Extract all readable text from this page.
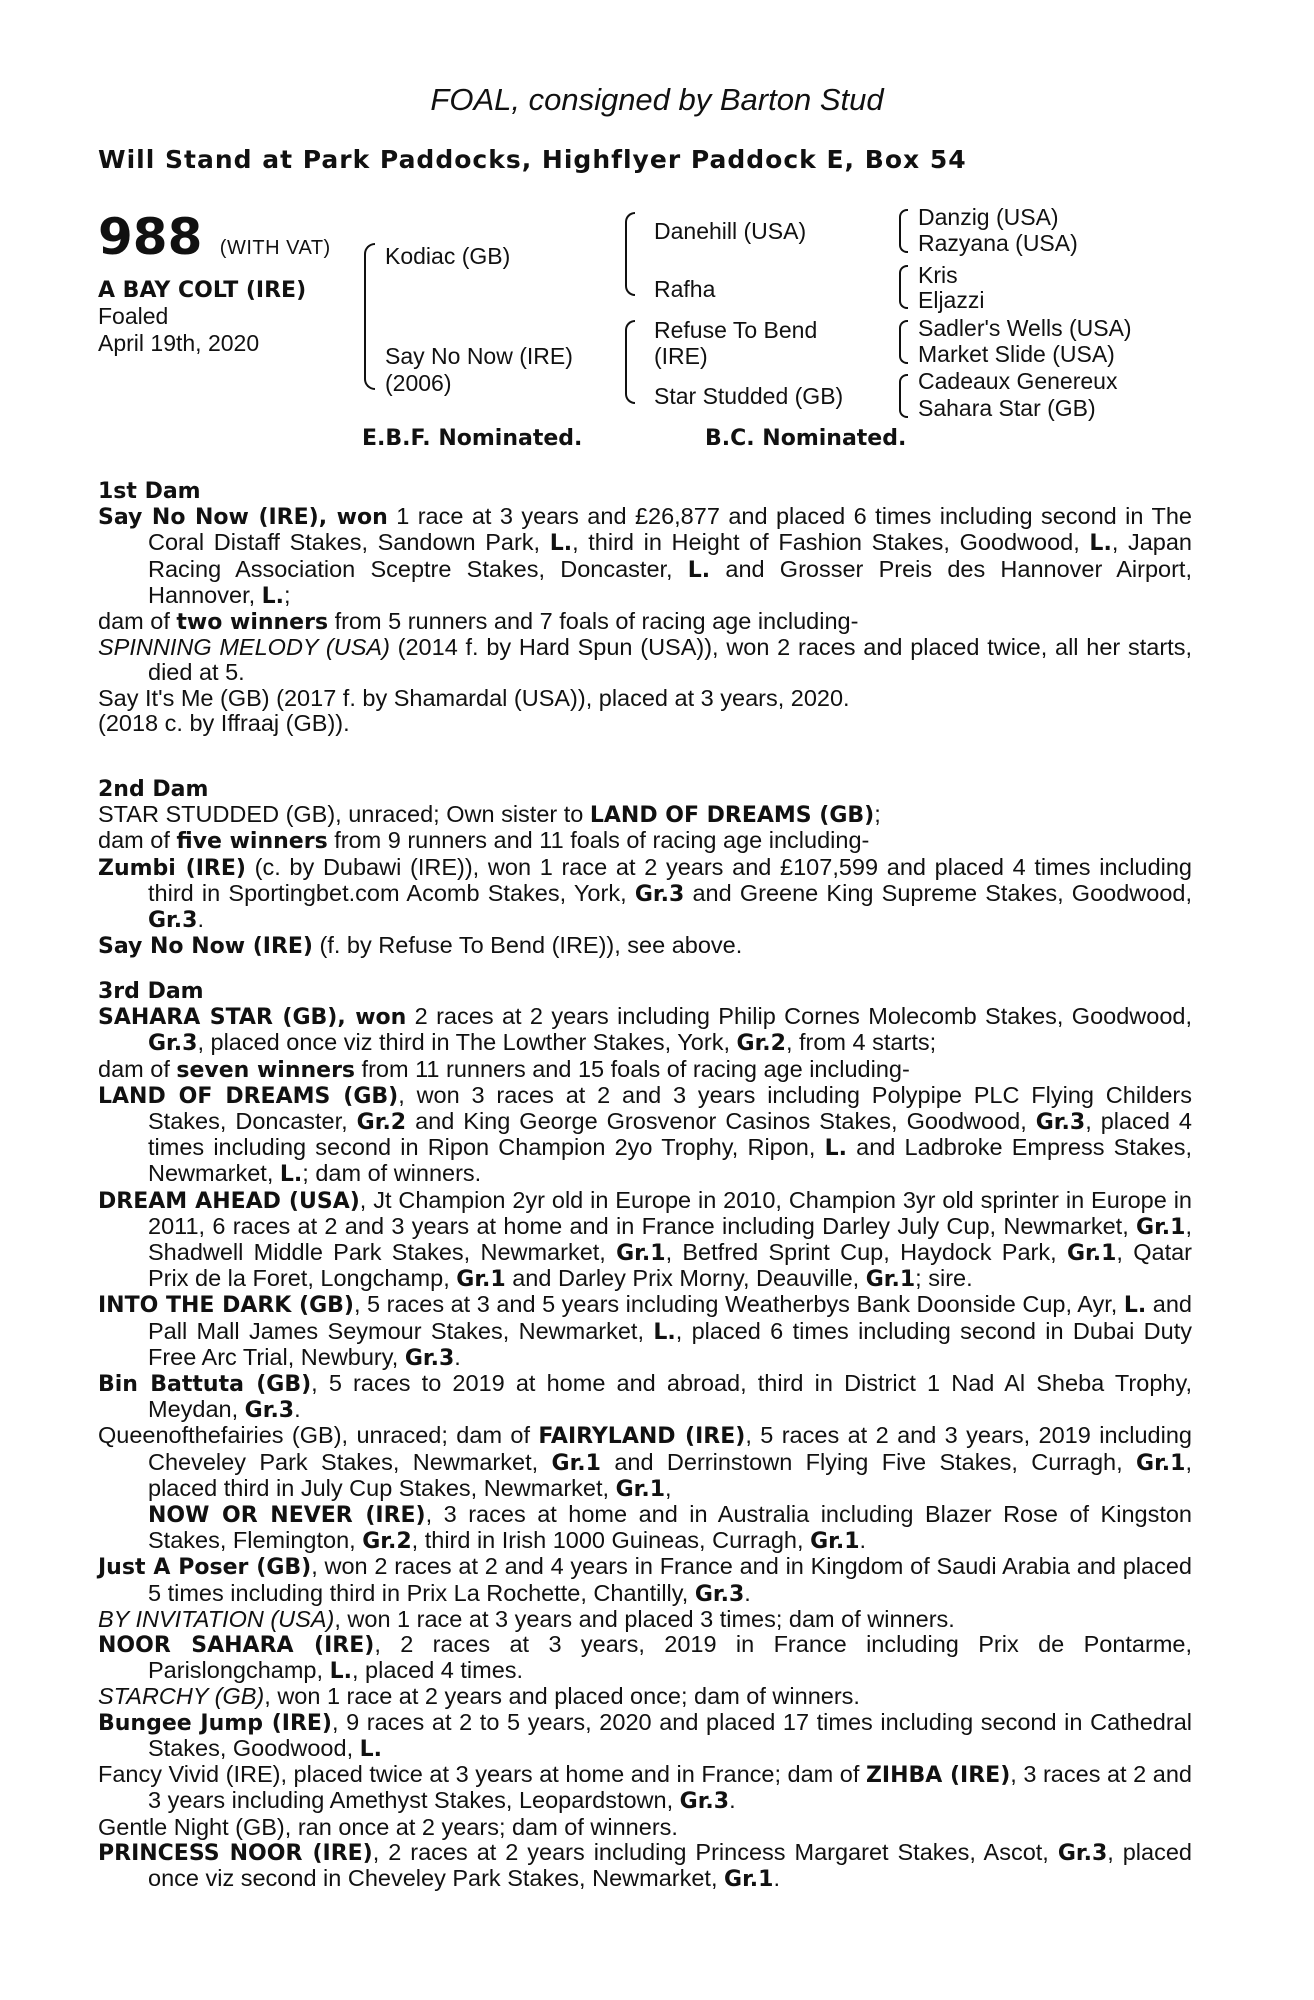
FOAL, consigned by Barton Stud
Will Stand at Park Paddocks, Highflyer Paddock E, Box 54
988 (WITH VAT)
A BAY COLT (IRE)
Foaled
April 19th, 2020
Kodiac (GB)
Say No Now (IRE)
(2006)
Danehill (USA)
Rafha
Refuse To Bend
(IRE)
Star Studded (GB)
Danzig (USA)
Razyana (USA)
Kris
Eljazzi
Sadler's Wells (USA)
Market Slide (USA)
Cadeaux Genereux
Sahara Star (GB)
E.B.F. Nominated.	B.C. Nominated.

1st Dam

Say No Now (IRE), won 1 race at 3 years and £26,877 and placed 6 times including second in The Coral Distaff Stakes, Sandown Park, L., third in Height of Fashion Stakes, Goodwood, L., Japan Racing Association Sceptre Stakes, Doncaster, L. and Grosser Preis des Hannover Airport, Hannover, L.;

dam of two winners from 5 runners and 7 foals of racing age including-

SPINNING MELODY (USA) (2014 f. by Hard Spun (USA)), won 2 races and placed twice, all her starts, died at 5.

Say It's Me (GB) (2017 f. by Shamardal (USA)), placed at 3 years, 2020.

(2018 c. by Iffraaj (GB)).

2nd Dam

STAR STUDDED (GB), unraced; Own sister to LAND OF DREAMS (GB);

dam of five winners from 9 runners and 11 foals of racing age including-

Zumbi (IRE) (c. by Dubawi (IRE)), won 1 race at 2 years and £107,599 and placed 4 times including third in Sportingbet.com Acomb Stakes, York, Gr.3 and Greene King Supreme Stakes, Goodwood, Gr.3.

Say No Now (IRE) (f. by Refuse To Bend (IRE)), see above.

3rd Dam

SAHARA STAR (GB), won 2 races at 2 years including Philip Cornes Molecomb Stakes, Goodwood, Gr.3, placed once viz third in The Lowther Stakes, York, Gr.2, from 4 starts;

dam of seven winners from 11 runners and 15 foals of racing age including-

LAND OF DREAMS (GB), won 3 races at 2 and 3 years including Polypipe PLC Flying Childers Stakes, Doncaster, Gr.2 and King George Grosvenor Casinos Stakes, Goodwood, Gr.3, placed 4 times including second in Ripon Champion 2yo Trophy, Ripon, L. and Ladbroke Empress Stakes, Newmarket, L.; dam of winners.

DREAM AHEAD (USA), Jt Champion 2yr old in Europe in 2010, Champion 3yr old sprinter in Europe in 2011, 6 races at 2 and 3 years at home and in France including Darley July Cup, Newmarket, Gr.1, Shadwell Middle Park Stakes, Newmarket, Gr.1, Betfred Sprint Cup, Haydock Park, Gr.1, Qatar Prix de la Foret, Longchamp, Gr.1 and Darley Prix Morny, Deauville, Gr.1; sire.

INTO THE DARK (GB), 5 races at 3 and 5 years including Weatherbys Bank Doonside Cup, Ayr, L. and Pall Mall James Seymour Stakes, Newmarket, L., placed 6 times including second in Dubai Duty Free Arc Trial, Newbury, Gr.3.

Bin Battuta (GB), 5 races to 2019 at home and abroad, third in District 1 Nad Al Sheba Trophy, Meydan, Gr.3.

Queenofthefairies (GB), unraced; dam of FAIRYLAND (IRE), 5 races at 2 and 3 years, 2019 including Cheveley Park Stakes, Newmarket, Gr.1 and Derrinstown Flying Five Stakes, Curragh, Gr.1, placed third in July Cup Stakes, Newmarket, Gr.1,
NOW OR NEVER (IRE), 3 races at home and in Australia including Blazer Rose of Kingston Stakes, Flemington, Gr.2, third in Irish 1000 Guineas, Curragh, Gr.1.

Just A Poser (GB), won 2 races at 2 and 4 years in France and in Kingdom of Saudi Arabia and placed 5 times including third in Prix La Rochette, Chantilly, Gr.3.

BY INVITATION (USA), won 1 race at 3 years and placed 3 times; dam of winners.

NOOR SAHARA (IRE), 2 races at 3 years, 2019 in France including Prix de Pontarme, Parislongchamp, L., placed 4 times.

STARCHY (GB), won 1 race at 2 years and placed once; dam of winners.

Bungee Jump (IRE), 9 races at 2 to 5 years, 2020 and placed 17 times including second in Cathedral Stakes, Goodwood, L.

Fancy Vivid (IRE), placed twice at 3 years at home and in France; dam of ZIHBA (IRE), 3 races at 2 and 3 years including Amethyst Stakes, Leopardstown, Gr.3.

Gentle Night (GB), ran once at 2 years; dam of winners.

PRINCESS NOOR (IRE), 2 races at 2 years including Princess Margaret Stakes, Ascot, Gr.3, placed once viz second in Cheveley Park Stakes, Newmarket, Gr.1.
